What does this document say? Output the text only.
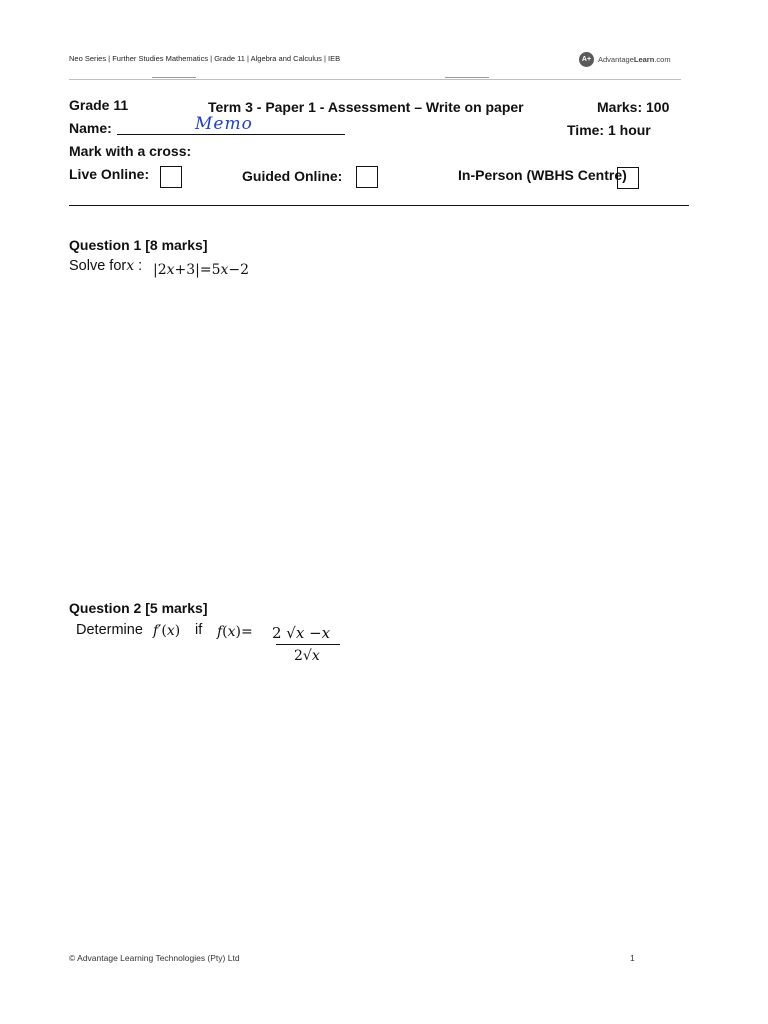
Neo Series | Further Studies Mathematics | Grade 11 | Algebra and Calculus | IEB	A+ AdvantageLearn.com
Grade 11	Term 3 - Paper 1 - Assessment – Write on paper	Marks: 100
Name:	Memo	Time: 1 hour
Mark with a cross:
Live Online:	Guided Online:	In-Person (WBHS Centre)
Question 1 [8 marks]
Solve for𝑥 : |2𝑥+3|=5𝑥−2
Question 2 [5 marks]
Determine 𝑓′(𝑥) if 𝑓(𝑥)= 2 √𝑥 −𝑥
2√𝑥
© Advantage Learning Technologies (Pty) Ltd	1
